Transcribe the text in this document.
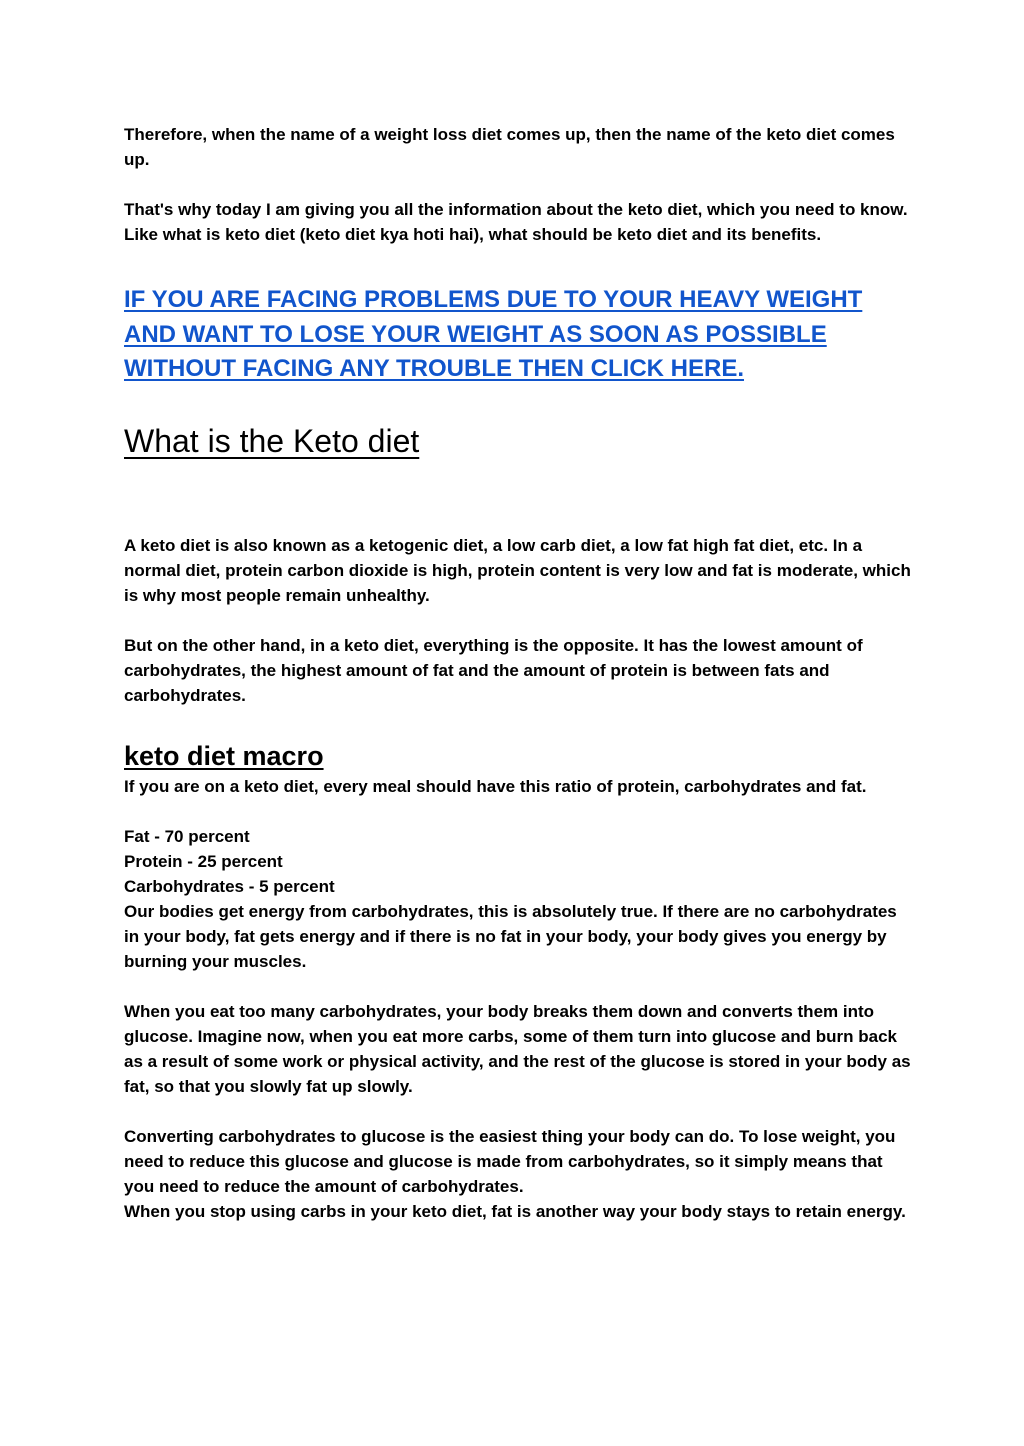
Therefore, when the name of a weight loss diet comes up, then the name of the keto diet comes up.

That's why today I am giving you all the information about the keto diet, which you need to know. Like what is keto diet (keto diet kya hoti hai), what should be keto diet and its benefits.

IF YOU ARE FACING PROBLEMS DUE TO YOUR HEAVY WEIGHT AND WANT TO LOSE YOUR WEIGHT AS SOON AS POSSIBLE WITHOUT FACING ANY TROUBLE THEN CLICK HERE.
What is the Keto diet

A keto diet is also known as a ketogenic diet, a low carb diet, a low fat high fat diet, etc. In a normal diet, protein carbon dioxide is high, protein content is very low and fat is moderate, which is why most people remain unhealthy.

But on the other hand, in a keto diet, everything is the opposite. It has the lowest amount of carbohydrates, the highest amount of fat and the amount of protein is between fats and carbohydrates.

keto diet macro

If you are on a keto diet, every meal should have this ratio of protein, carbohydrates and fat.

Fat - 70 percent
Protein - 25 percent
Carbohydrates - 5 percent

Our bodies get energy from carbohydrates, this is absolutely true. If there are no carbohydrates in your body, fat gets energy and if there is no fat in your body, your body gives you energy by burning your muscles.

When you eat too many carbohydrates, your body breaks them down and converts them into glucose. Imagine now, when you eat more carbs, some of them turn into glucose and burn back as a result of some work or physical activity, and the rest of the glucose is stored in your body as fat, so that you slowly fat up slowly.

Converting carbohydrates to glucose is the easiest thing your body can do. To lose weight, you need to reduce this glucose and glucose is made from carbohydrates, so it simply means that you need to reduce the amount of carbohydrates.

When you stop using carbs in your keto diet, fat is another way your body stays to retain energy.
